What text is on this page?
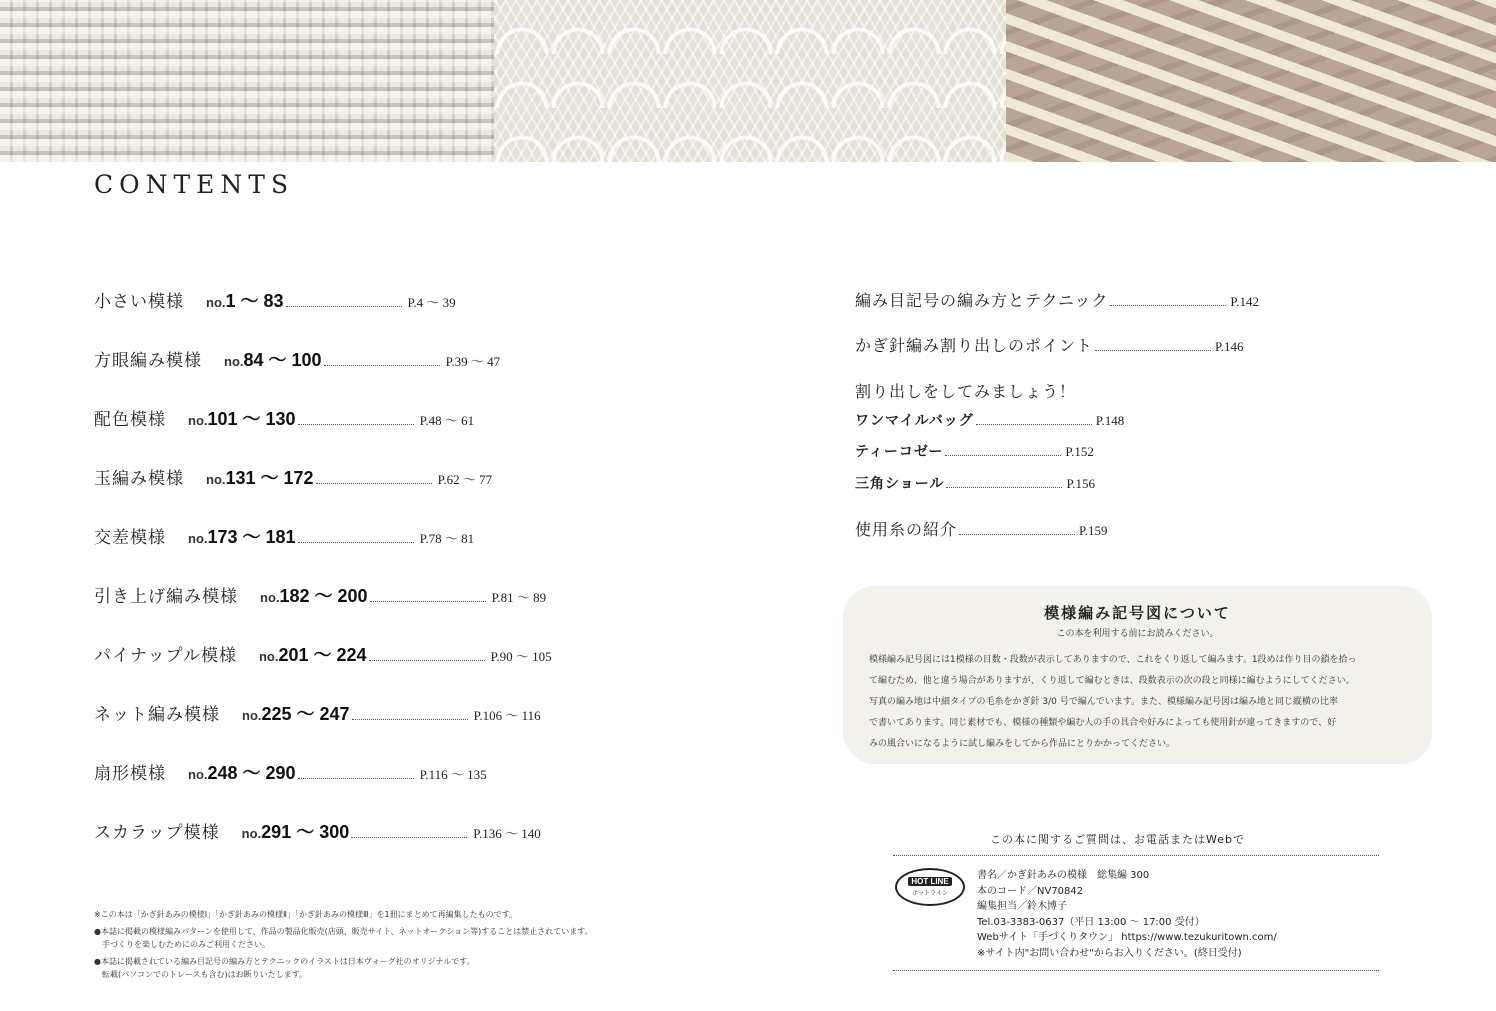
CONTENTS
小さい模様 no. 1 ～ 83	P.4 ～ 39
方眼編み模様 no. 84 ～ 100	P.39 ～ 47
配色模様 no. 101 ～ 130	P.48 ～ 61
玉編み模様 no. 131 ～ 172	P.62 ～ 77
交差模様 no. 173 ～ 181	P.78 ～ 81
引き上げ編み模様 no. 182 ～ 200	P.81 ～ 89
パイナップル模様 no. 201 ～ 224	P.90 ～ 105
ネット編み模様 no. 225 ～ 247	P.106 ～ 116
扇形模様 no. 248 ～ 290	P.116 ～ 135
スカラップ模様 no. 291 ～ 300	P.136 ～ 140
編み目記号の編み方とテクニック	P.142
かぎ針編み割り出しのポイント	P.146
割り出しをしてみましょう！
ワンマイルバッグ	P.148
ティーコゼー	P.152
三角ショール	P.156
使用糸の紹介	P.159
模様編み記号図について
この本を利用する前にお読みください。
模様編み記号図には1模様の目数・段数が表示してありますので、これをくり返して編みます。1段めは作り目の鎖を拾っ
て編むため、他と違う場合がありますが、くり返して編むときは、段数表示の次の段と同様に編むようにしてください。
写真の編み地は中細タイプの毛糸をかぎ針 3/0 号で編んでいます。また、模様編み記号図は編み地と同じ縦横の比率
で書いてあります。同じ素材でも、模様の種類や編む人の手の具合や好みによっても使用針が違ってきますので、好
みの風合いになるように試し編みをしてから作品にとりかかってください。

※この本は「かぎ針あみの模様Ⅰ」「かぎ針あみの模様Ⅱ」「かぎ針あみの模様Ⅲ」を1冊にまとめて再編集したものです。

●本誌に掲載の模様編みパターンを使用して、作品の製品化販売(店頭、販売サイト、ネットオークション等)することは禁止されています。

　手づくりを楽しむためにのみご利用ください。

●本誌に掲載されている編み目記号の編み方とテクニックのイラストは日本ヴォーグ社のオリジナルです。

　転載(パソコンでのトレースも含む)はお断りいたします。

この本に関するご質問は、お電話またはWebで
HOT LINE
ホットライン

書名／かぎ針あみの模様　総集編 300

本のコード／NV70842

編集担当／鈴木博子

Tel.03-3383-0637（平日 13:00 ～ 17:00 受付）

Webサイト「手づくりタウン」 https://www.tezukuritown.com/

※サイト内"お問い合わせ"からお入りください。(終日受付)
